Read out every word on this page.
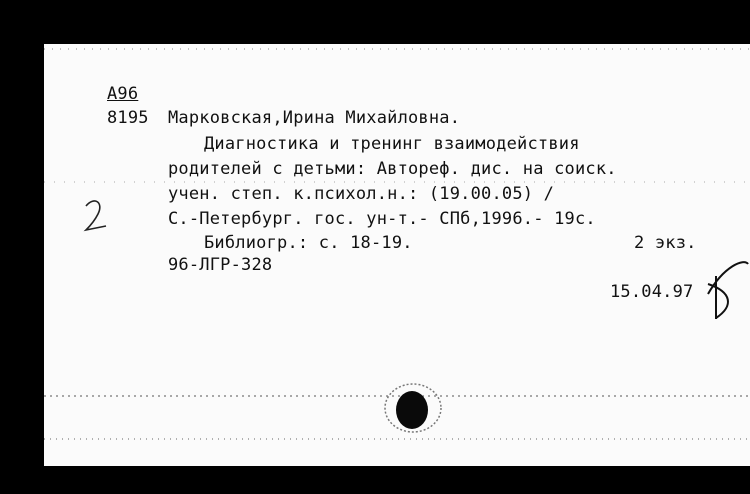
А96
8195 Марковская,Ирина Михайловна.
Диагностика и тренинг взаимодействия
родителей с детьми: Автореф. дис. на соиск.
учен. степ. к.психол.н.: (19.00.05) /
С.-Петербург. гос. ун-т.- СПб,1996.- 19с.
Библиогр.: с. 18-19.	2 экз.
96-ЛГР-328
15.04.97
